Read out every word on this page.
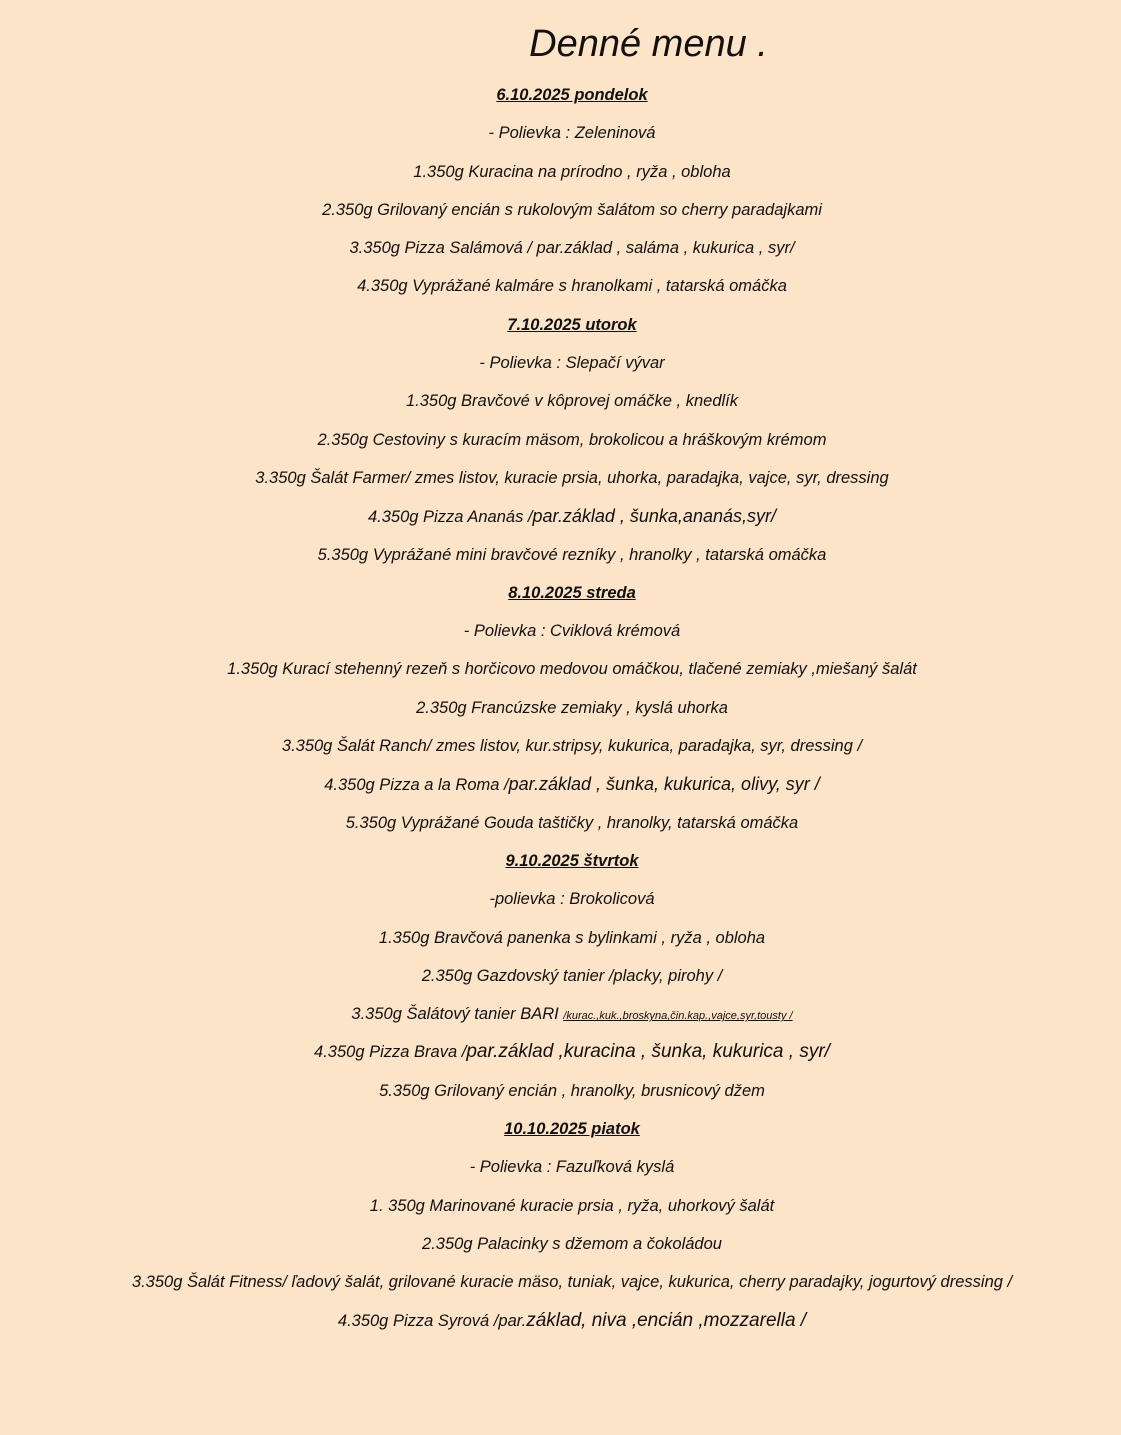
Denné menu .
6.10.2025 pondelok
- Polievka : Zeleninová
1.350g Kuracina na prírodno , ryža , obloha
2.350g Grilovaný encián s rukolovým šalátom so cherry paradajkami
3.350g Pizza Salámová / par.základ , saláma , kukurica , syr/
4.350g Vyprážané kalmáre s hranolkami , tatarská omáčka
7.10.2025 utorok
- Polievka : Slepačí vývar
1.350g Bravčové v kôprovej omáčke , knedlík
2.350g Cestoviny s kuracím mäsom, brokolicou a hráškovým krémom
3.350g Šalát Farmer/ zmes listov, kuracie prsia, uhorka, paradajka, vajce, syr, dressing
4.350g Pizza Ananás /par.základ , šunka,ananás,syr/
5.350g Vyprážané mini bravčové rezníky , hranolky , tatarská omáčka
8.10.2025 streda
- Polievka : Cviklová krémová
1.350g Kurací stehenný rezeň s horčicovo medovou omáčkou, tlačené zemiaky ,miešaný šalát
2.350g Francúzske zemiaky , kyslá uhorka
3.350g Šalát Ranch/ zmes listov, kur.stripsy, kukurica, paradajka, syr, dressing /
4.350g Pizza a la Roma /par.základ , šunka, kukurica, olivy, syr /
5.350g Vyprážané Gouda taštičky , hranolky, tatarská omáčka
9.10.2025 štvrtok
-polievka : Brokolicová
1.350g Bravčová panenka s bylinkami , ryža , obloha
2.350g Gazdovský tanier /placky, pirohy /
3.350g Šalátový tanier BARI /kurac.,kuk.,broskyna,čin.kap.,vajce,syr,tousty /
4.350g Pizza Brava /par.základ ,kuracina , šunka, kukurica , syr/
5.350g Grilovaný encián , hranolky, brusnicový džem
10.10.2025 piatok
- Polievka : Fazuľková kyslá
1. 350g Marinované kuracie prsia , ryža, uhorkový šalát
2.350g Palacinky s džemom a čokoládou
3.350g Šalát Fitness/ ľadový šalát, grilované kuracie mäso, tuniak, vajce, kukurica, cherry paradajky, jogurtový dressing /
4.350g Pizza Syrová /par.základ, niva ,encián ,mozzarella /
